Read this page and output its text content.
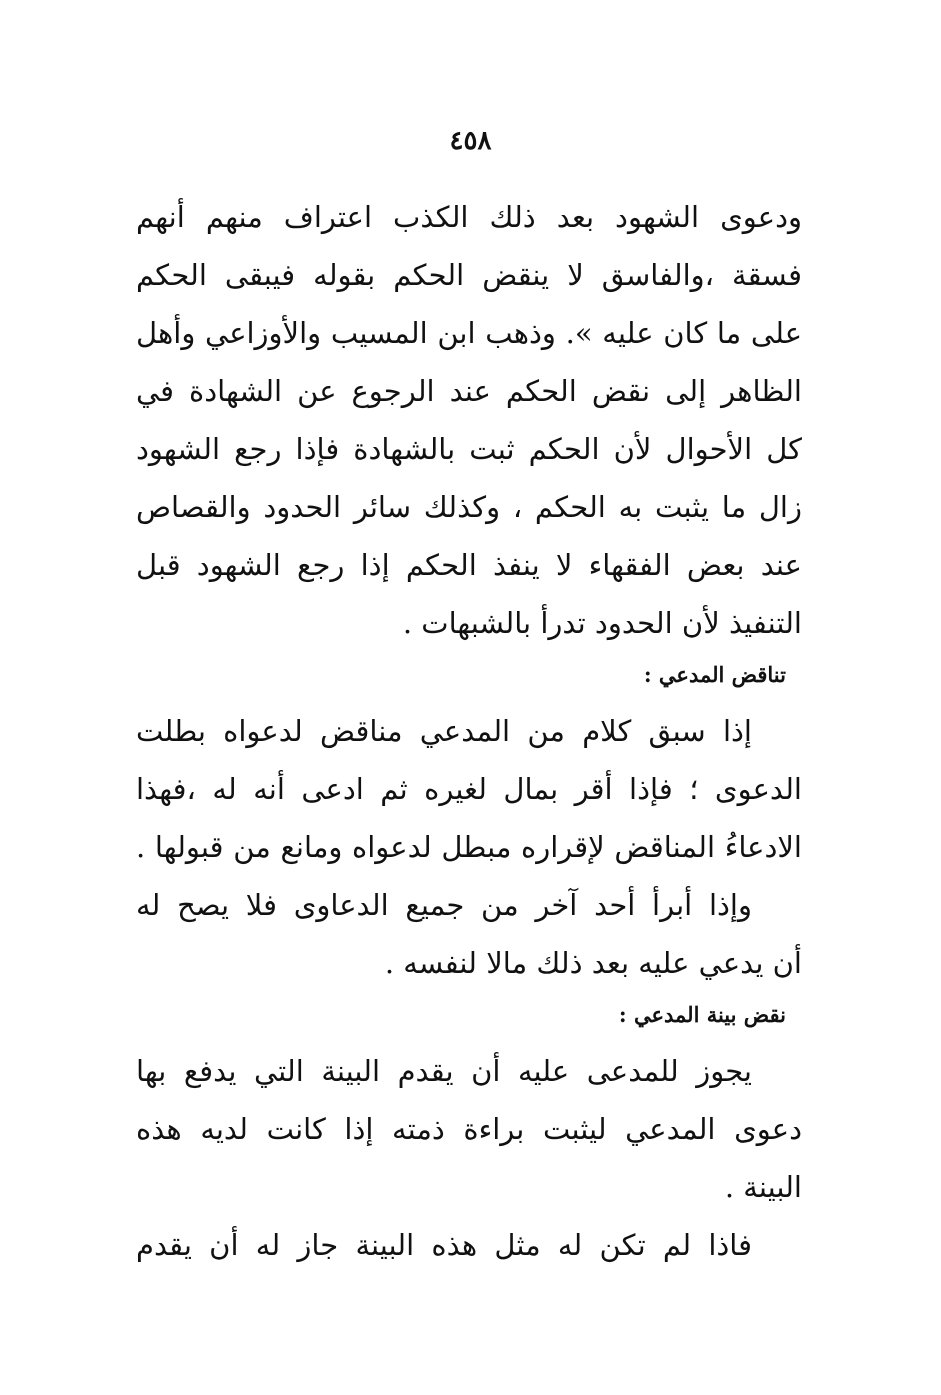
٤٥٨
ودعوى الشهود بعد ذلك الكذب اعتراف منهم أنهم
فسقة ،والفاسق لا ينقض الحكم بقوله فيبقى الحكم
على ما كان عليه ». وذهب ابن المسيب والأوزاعي وأهل
الظاهر إلى نقض الحكم عند الرجوع عن الشهادة في
كل الأحوال لأن الحكم ثبت بالشهادة فإذا رجع الشهود
زال ما يثبت به الحكم ، وكذلك سائر الحدود والقصاص
عند بعض الفقهاء لا ينفذ الحكم إذا رجع الشهود قبل
التنفيذ لأن الحدود تدرأ بالشبهات .
تناقض المدعي :
إذا سبق كلام من المدعي مناقض لدعواه بطلت
الدعوى ؛ فإذا أقر بمال لغيره ثم ادعى أنه له ،فهذا
الادعاءُ المناقض لإقراره مبطل لدعواه ومانع من قبولها .
وإذا أبرأ أحد آخر من جميع الدعاوى فلا يصح له
أن يدعي عليه بعد ذلك مالا لنفسه .
نقض بينة المدعي :
يجوز للمدعى عليه أن يقدم البينة التي يدفع بها
دعوى المدعي ليثبت براءة ذمته إذا كانت لديه هذه
البينة .
فاذا لم تكن له مثل هذه البينة جاز له أن يقدم
